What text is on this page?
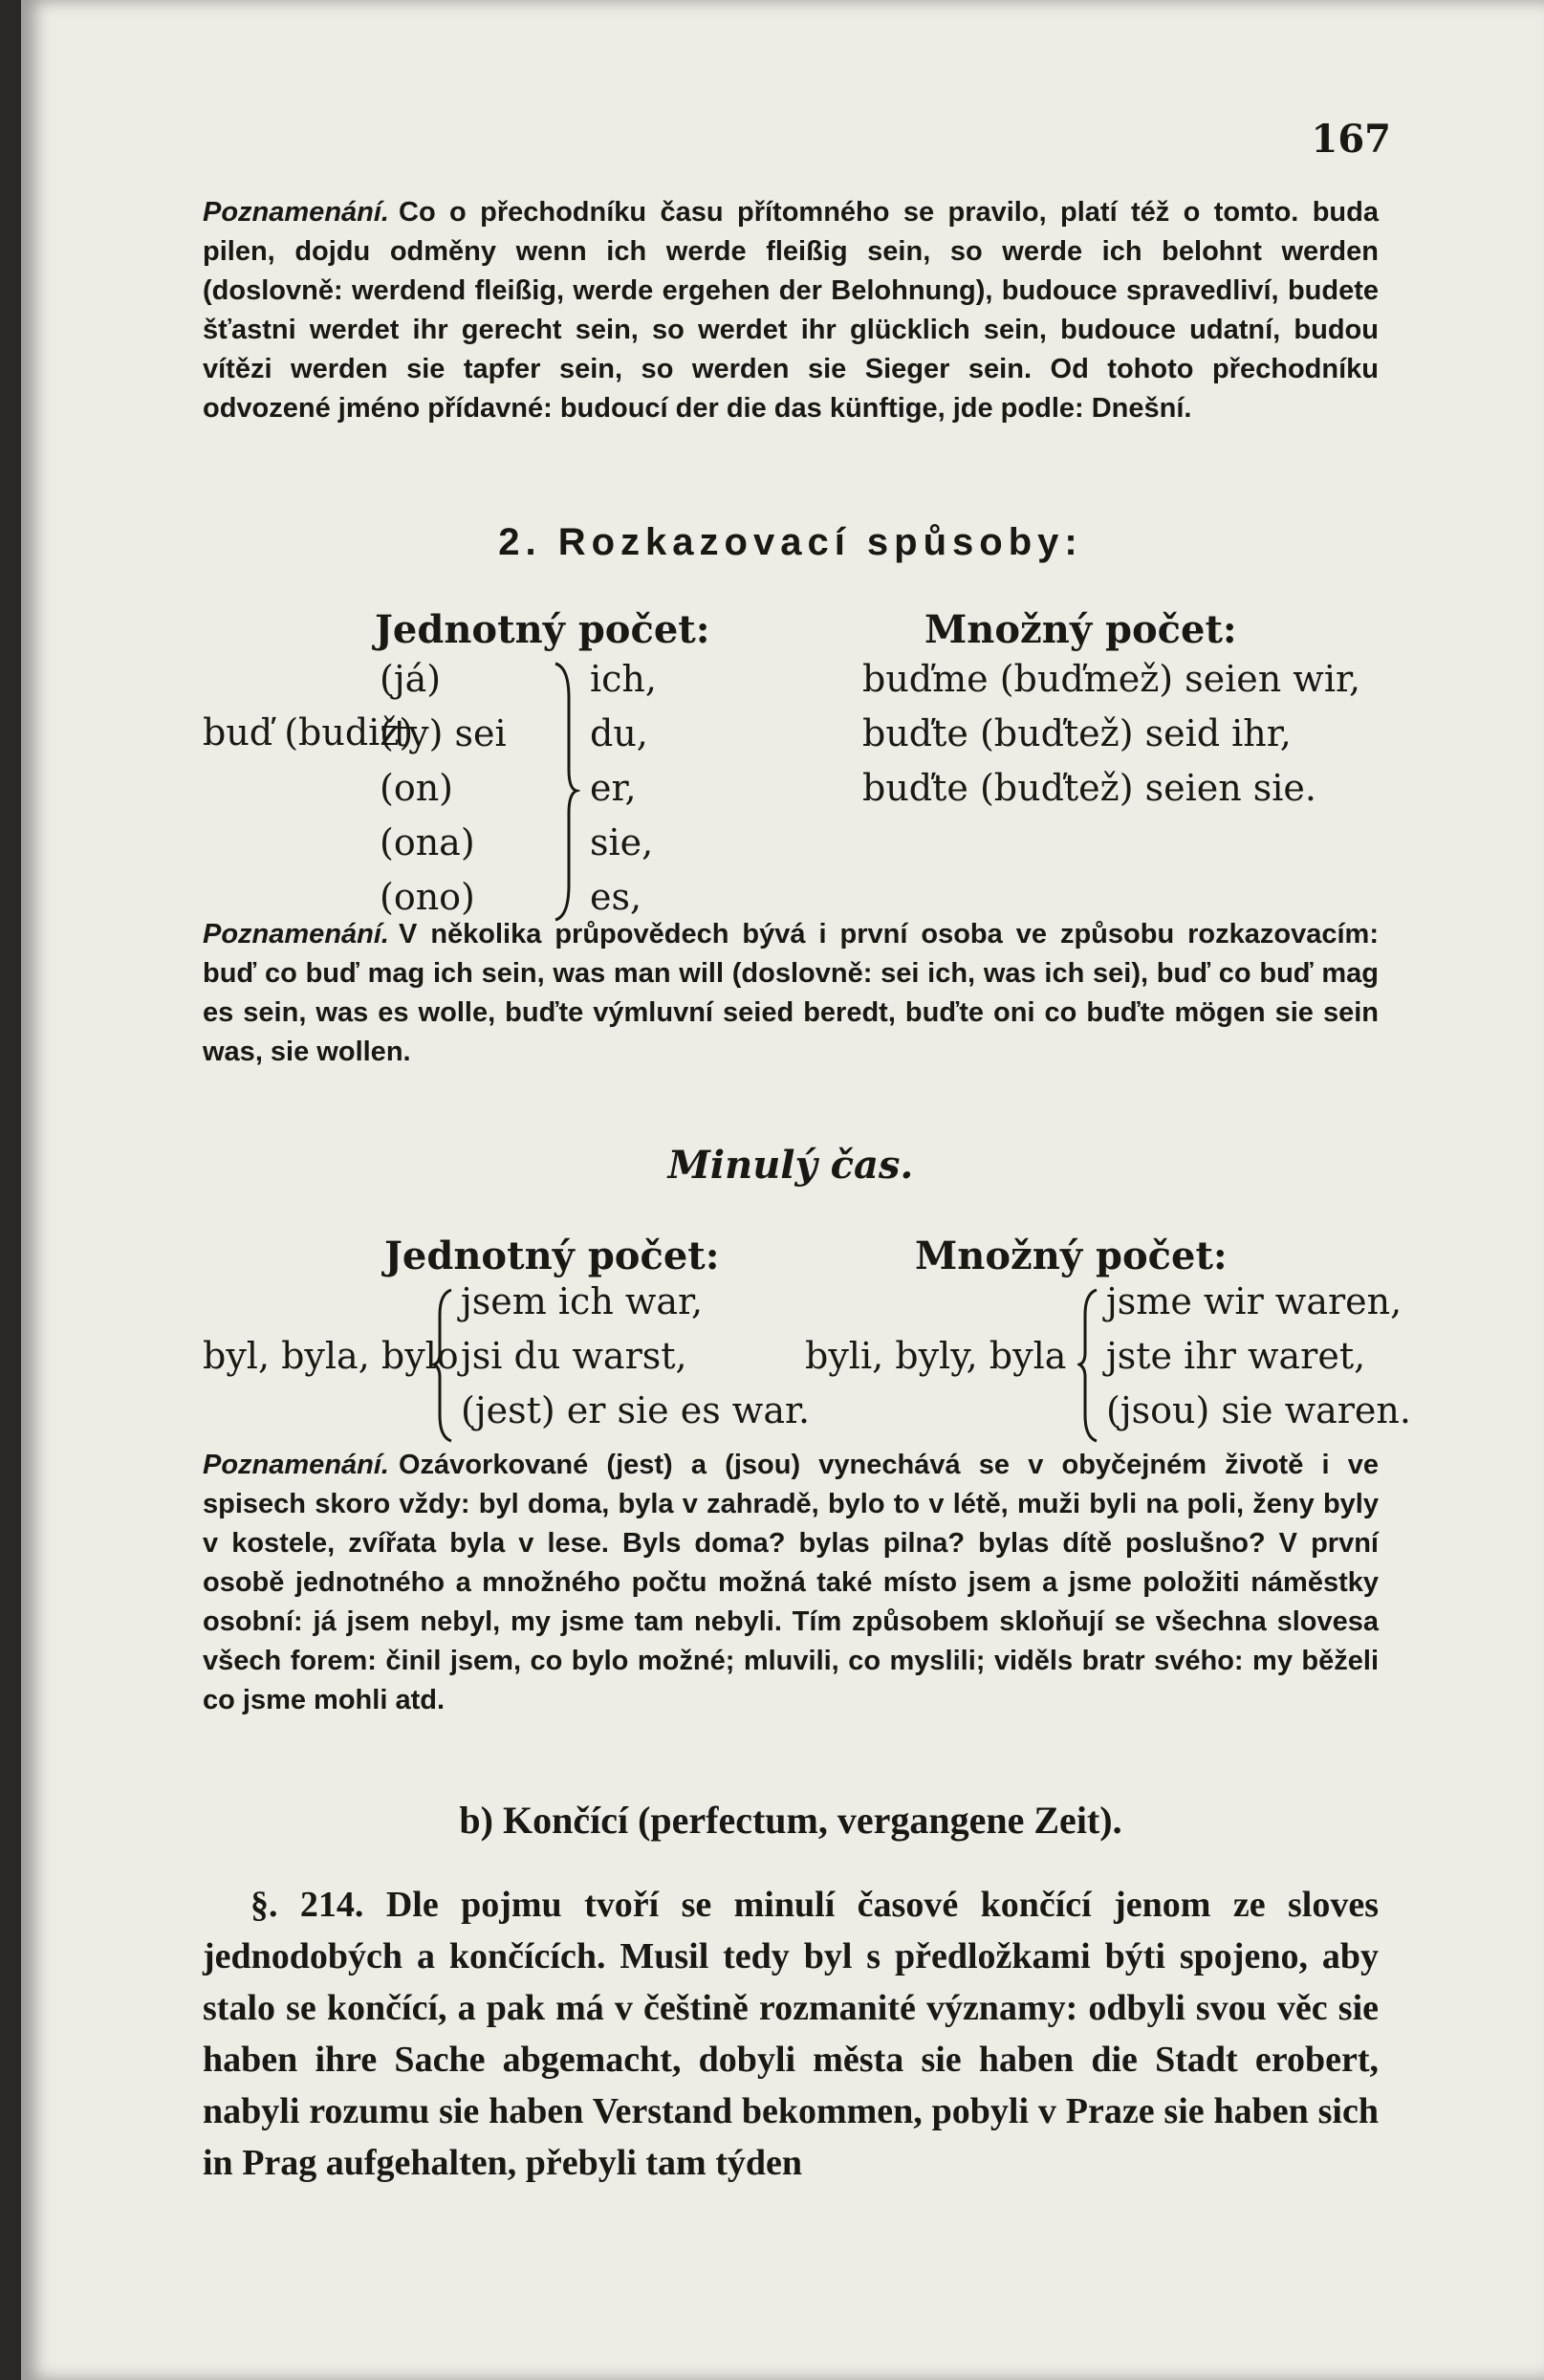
167

Poznamenání. Co o přechodníku času přítomného se pravilo, platí též o tomto. buda pilen, dojdu odměny wenn ich werde fleißig sein, so werde ich belohnt werden (doslovně: werdend fleißig, werde ergehen der Belohnung), budouce spravedliví, budete šťastni werdet ihr gerecht sein, so werdet ihr glücklich sein, budouce udatní, budou vítězi werden sie tapfer sein, so werden sie Sieger sein. Od tohoto přechodníku odvozené jméno přídavné: budoucí der die das künftige, jde podle: Dnešní.

2. Rozkazovací spůsoby:
Jednotný počet:	Množný počet:
buď (budiž)
(já)
(ty) sei
(on)
(ona)
(ono)
ich,
du,
er,
sie,
es,
buďme (buďmež) seien wir,
buďte (buďtež) seid ihr,
buďte (buďtež) seien sie.

Poznamenání. V několika průpovědech bývá i první osoba ve způsobu rozkazovacím: buď co buď mag ich sein, was man will (doslovně: sei ich, was ich sei), buď co buď mag es sein, was es wolle, buďte výmluvní seied beredt, buďte oni co buďte mögen sie sein was, sie wollen.

Minulý čas.
Jednotný počet:	Množný počet:
byl, byla, bylo
jsem ich war,
jsi du warst,
(jest) er sie es war.
byli, byly, byla
jsme wir waren,
jste ihr waret,
(jsou) sie waren.

Poznamenání. Ozávorkované (jest) a (jsou) vynechává se v obyčejném životě i ve spisech skoro vždy: byl doma, byla v zahradě, bylo to v létě, muži byli na poli, ženy byly v kostele, zvířata byla v lese. Byls doma? bylas pilna? bylas dítě poslušno? V první osobě jednotného a množného počtu možná také místo jsem a jsme položiti náměstky osobní: já jsem nebyl, my jsme tam nebyli. Tím způsobem skloňují se všechna slovesa všech forem: činil jsem, co bylo možné; mluvili, co myslili; viděls bratr svého: my běželi co jsme mohli atd.

b) Končící (perfectum, vergangene Zeit).

§. 214. Dle pojmu tvoří se minulí časové končící jenom ze sloves jednodobých a končících. Musil tedy byl s předložkami býti spojeno, aby stalo se končící, a pak má v češtině rozmanité významy: odbyli svou věc sie haben ihre Sache abgemacht, dobyli města sie haben die Stadt erobert, nabyli rozumu sie haben Verstand bekommen, pobyli v Praze sie haben sich in Prag aufgehalten, přebyli tam týden
